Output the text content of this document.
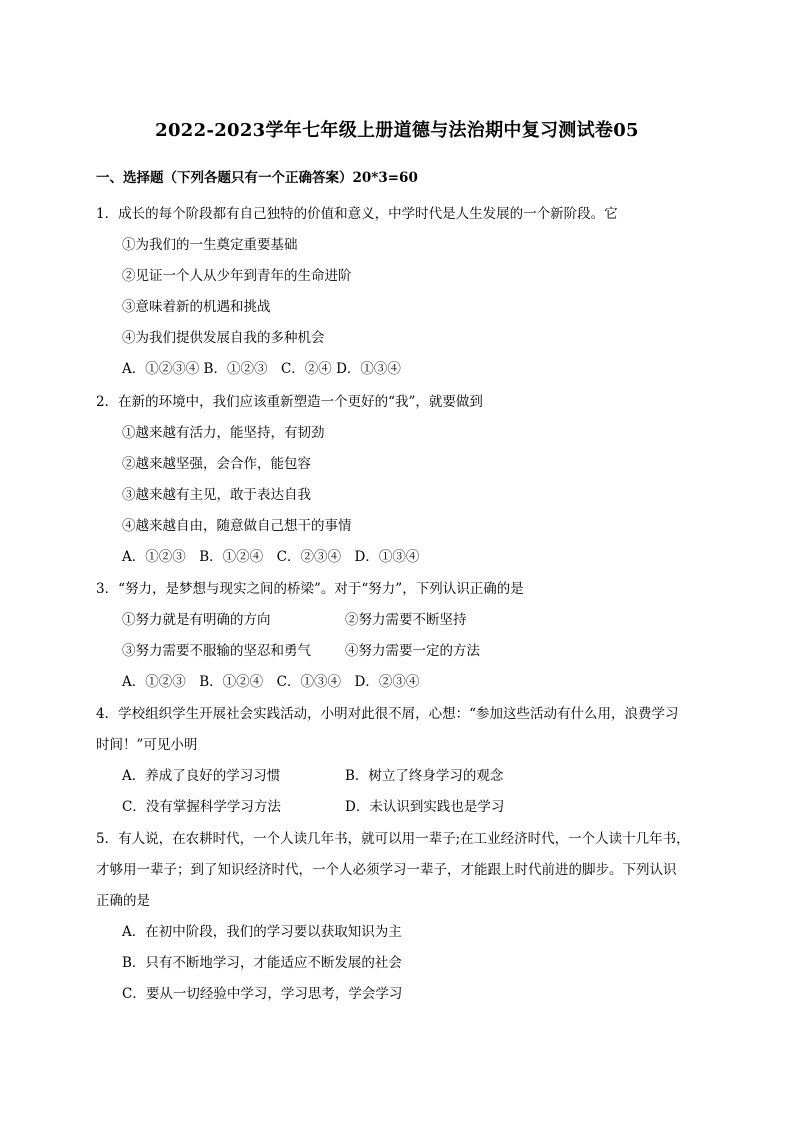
2022-2023学年七年级上册道德与法治期中复习测试卷05
一、选择题（下列各题只有一个正确答案）20*3=60
1．成长的每个阶段都有自己独特的价值和意义，中学时代是人生发展的一个新阶段。它
①为我们的一生奠定重要基础
②见证一个人从少年到青年的生命进阶
③意味着新的机遇和挑战
④为我们提供发展自我的多种机会
A．①②③④ B．①②③　C．②④ D．①③④
2．在新的环境中，我们应该重新塑造一个更好的“我”，就要做到
①越来越有活力，能坚持，有韧劲
②越来越坚强，会合作，能包容
③越来越有主见，敢于表达自我
④越来越自由，随意做自己想干的事情
A．①②③　B．①②④　C．②③④　D．①③④
3．“努力，是梦想与现实之间的桥梁”。对于“努力”，下列认识正确的是
①努力就是有明确的方向	②努力需要不断坚持
③努力需要不服输的坚忍和勇气	④努力需要一定的方法
A．①②③　B．①②④　C．①③④　D．②③④
4．学校组织学生开展社会实践活动，小明对此很不屑，心想：“参加这些活动有什么用，浪费学习
时间！”可见小明
A．养成了良好的学习习惯	B．树立了终身学习的观念
C．没有掌握科学学习方法	D．未认识到实践也是学习
5．有人说，在农耕时代，一个人读几年书，就可以用一辈子;在工业经济时代，一个人读十几年书，
才够用一辈子；到了知识经济时代，一个人必须学习一辈子，才能跟上时代前进的脚步。下列认识
正确的是
A．在初中阶段，我们的学习要以获取知识为主
B．只有不断地学习，才能适应不断发展的社会
C．要从一切经验中学习，学习思考，学会学习
